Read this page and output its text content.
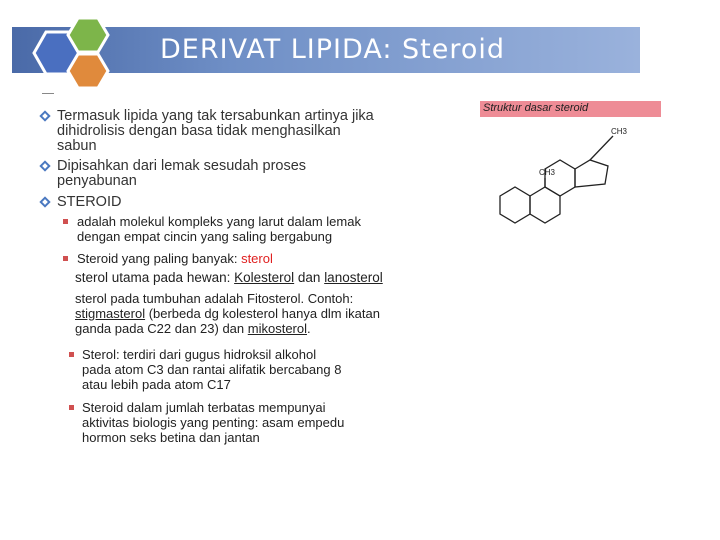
DERIVAT LIPIDA: Steroid
Termasuk lipida yang tak tersabunkan artinya jika
dihidrolisis dengan basa tidak menghasilkan
sabun
Dipisahkan dari lemak sesudah proses
penyabunan
STEROID
adalah molekul kompleks yang larut dalam lemak
dengan empat cincin yang saling bergabung
Steroid yang paling banyak: sterol
sterol utama pada hewan: Kolesterol dan lanosterol
sterol pada tumbuhan adalah Fitosterol. Contoh:
stigmasterol (berbeda dg kolesterol hanya dlm ikatan
ganda pada C22 dan 23) dan mikosterol.
Sterol: terdiri dari gugus hidroksil alkohol
pada atom C3 dan rantai alifatik bercabang 8
atau lebih pada atom C17
Steroid dalam jumlah terbatas mempunyai
aktivitas biologis yang penting: asam empedu
hormon seks betina dan jantan
Struktur dasar steroid
CH3
CH3
